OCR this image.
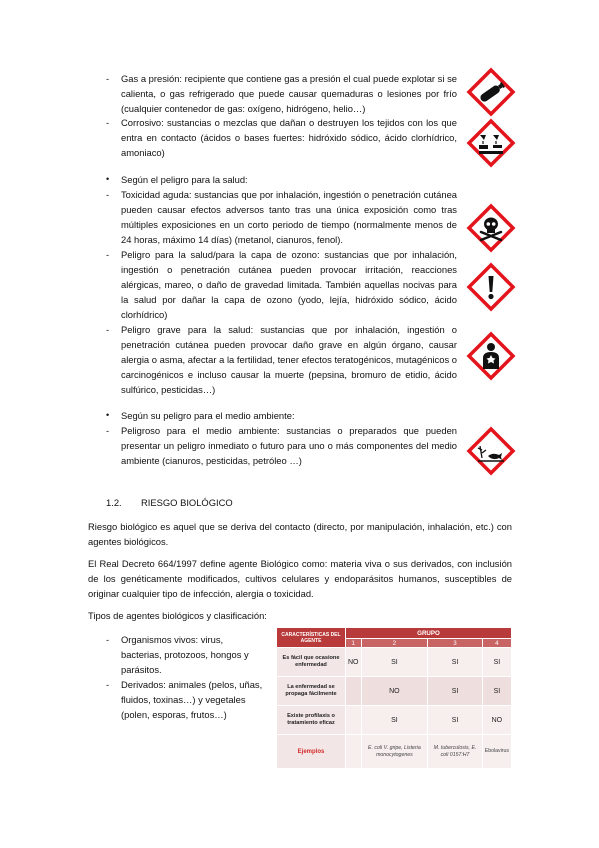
- Gas a presión: recipiente que contiene gas a presión el cual puede explotar si se calienta, o gas refrigerado que puede causar quemaduras o lesiones por frío (cualquier contenedor de gas: oxígeno, hidrógeno, helio…)
- Corrosivo: sustancias o mezclas que dañan o destruyen los tejidos con los que entra en contacto (ácidos o bases fuertes: hidróxido sódico, ácido clorhídrico, amoniaco)
• Según el peligro para la salud:
- Toxicidad aguda: sustancias que por inhalación, ingestión o penetración cutánea pueden causar efectos adversos tanto tras una única exposición como tras múltiples exposiciones en un corto periodo de tiempo (normalmente menos de 24 horas, máximo 14 días) (metanol, cianuros, fenol).
- Peligro para la salud/para la capa de ozono: sustancias que por inhalación, ingestión o penetración cutánea pueden provocar irritación, reacciones alérgicas, mareo, o daño de gravedad limitada. También aquellas nocivas para la salud por dañar la capa de ozono (yodo, lejía, hidróxido sódico, ácido clorhídrico)
- Peligro grave para la salud: sustancias que por inhalación, ingestión o penetración cutánea pueden provocar daño grave en algún órgano, causar alergia o asma, afectar a la fertilidad, tener efectos teratogénicos, mutagénicos o carcinogénicos e incluso causar la muerte (pepsina, bromuro de etidio, ácido sulfúrico, pesticidas…)
• Según su peligro para el medio ambiente:
- Peligroso para el medio ambiente: sustancias o preparados que pueden presentar un peligro inmediato o futuro para uno o más componentes del medio ambiente (cianuros, pesticidas, petróleo …)
1.2. RIESGO BIOLÓGICO
Riesgo biológico es aquel que se deriva del contacto (directo, por manipulación, inhalación, etc.) con agentes biológicos.
El Real Decreto 664/1997 define agente Biológico como: materia viva o sus derivados, con inclusión de los genéticamente modificados, cultivos celulares y endoparásitos humanos, susceptibles de originar cualquier tipo de infección, alergia o toxicidad.
Tipos de agentes biológicos y clasificación:
- Organismos vivos: virus, bacterias, protozoos, hongos y parásitos.
- Derivados: animales (pelos, uñas, fluidos, toxinas…) y vegetales (polen, esporas, frutos…)
CARACTERÍSTICAS DEL AGENTE	GRUPO			
	1	2	3	4
Es fácil que ocasione enfermedad	NO	SI	SI	SI
La enfermedad se propaga fácilmente		NO	SI	SI
Existe profilaxis o tratamiento eficaz		SI	SI	NO
Ejemplos		E. coli V. gripe, Listeria monocytogenes	M. tuberculosis, E. coli 0157:H7	Ebolavirus
